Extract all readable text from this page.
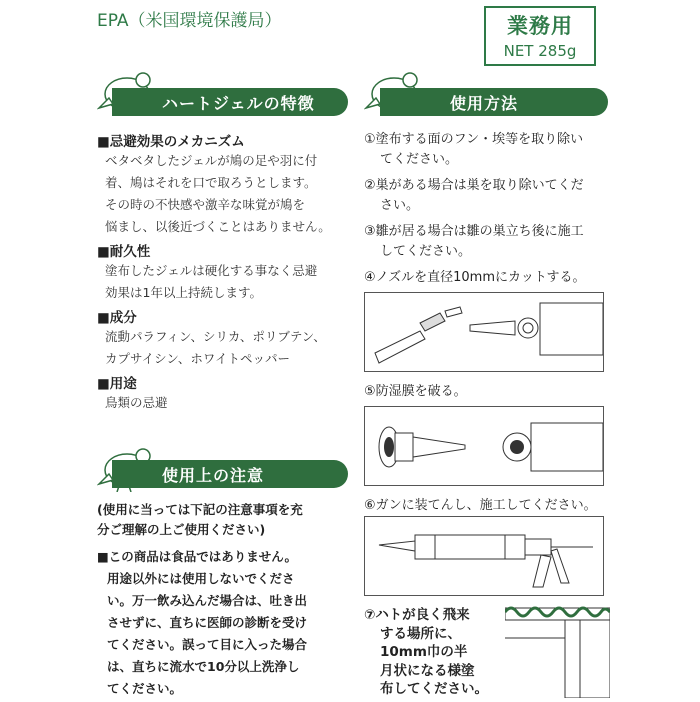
EPA（米国環境保護局）	業務用
NET 285g
ハートジェルの特徴
■忌避効果のメカニズム
ベタベタしたジェルが鳩の足や羽に付
着、鳩はそれを口で取ろうとします。
その時の不快感や激辛な味覚が鳩を
悩まし、以後近づくことはありません。
■耐久性
塗布したジェルは硬化する事なく忌避
効果は1年以上持続します。
■成分
流動パラフィン、シリカ、ポリブテン、
カプサイシン、ホワイトペッパー
■用途
鳥類の忌避
使用上の注意
(使用に当っては下記の注意事項を充
分ご理解の上ご使用ください)
■この商品は食品ではありません。
用途以外には使用しないでくださ
い。万一飲み込んだ場合は、吐き出
させずに、直ちに医師の診断を受け
てください。誤って目に入った場合
は、直ちに流水で10分以上洗浄し
てください。
使用方法
①塗布する面のフン・埃等を取り除い
てください。
②巣がある場合は巣を取り除いてくだ
さい。
③雛が居る場合は雛の巣立ち後に施工
してください。
④ノズルを直径10mmにカットする。
⑤防湿膜を破る。
⑥ガンに装てんし、施工してください。
⑦ハトが良く飛来
する場所に、
10mm巾の半
月状になる様塗
布してください。
